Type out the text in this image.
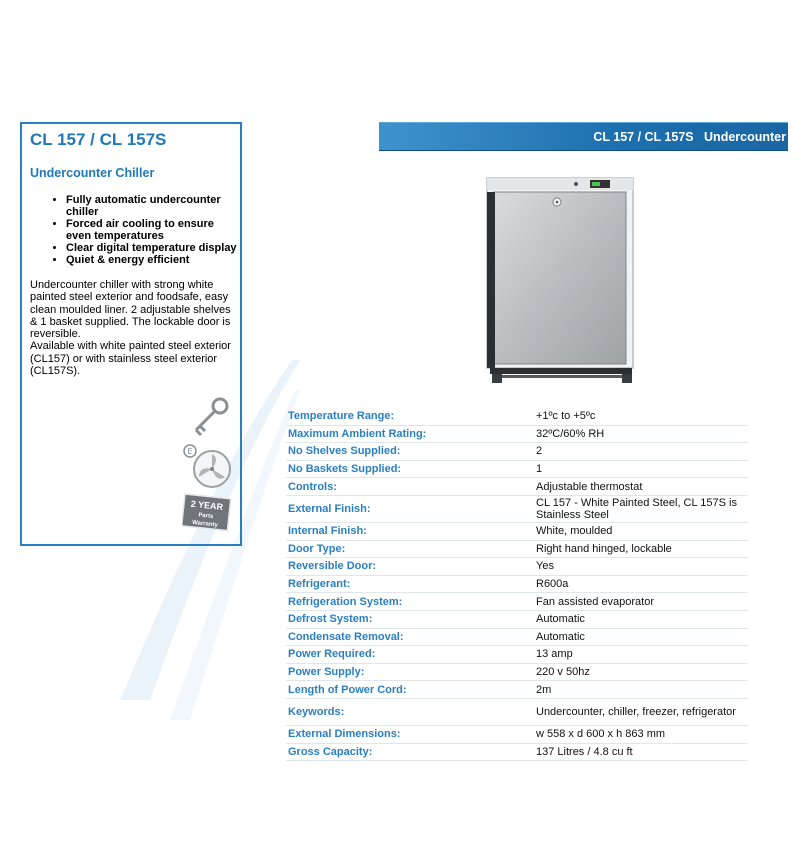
CL 157 / CL 157S
Undercounter Chiller
• Fully automatic undercounter chiller
• Forced air cooling to ensure even temperatures
• Clear digital temperature display
• Quiet & energy efficient

Undercounter chiller with strong white painted steel exterior and foodsafe, easy clean moulded liner. 2 adjustable shelves & 1 basket supplied. The lockable door is reversible.

Available with white painted steel exterior (CL157) or with stainless steel exterior (CL157S).

E
2 YEAR
Parts
Warranty
CL 157 / CL 157S   Undercounter
Temperature Range:	+1ºc to +5ºc
Maximum Ambient Rating:	32ºC/60% RH
No Shelves Supplied:	2
No Baskets Supplied:	1
Controls:	Adjustable thermostat
External Finish:	CL 157 - White Painted Steel, CL 157S is Stainless Steel
Internal Finish:	White, moulded
Door Type:	Right hand hinged, lockable
Reversible Door:	Yes
Refrigerant:	R600a
Refrigeration System:	Fan assisted evaporator
Defrost System:	Automatic
Condensate Removal:	Automatic
Power Required:	13 amp
Power Supply:	220 v 50hz
Length of Power Cord:	2m
Keywords:	Undercounter, chiller, freezer, refrigerator
External Dimensions:	w 558 x d 600 x h 863 mm
Gross Capacity:	137 Litres / 4.8 cu ft
